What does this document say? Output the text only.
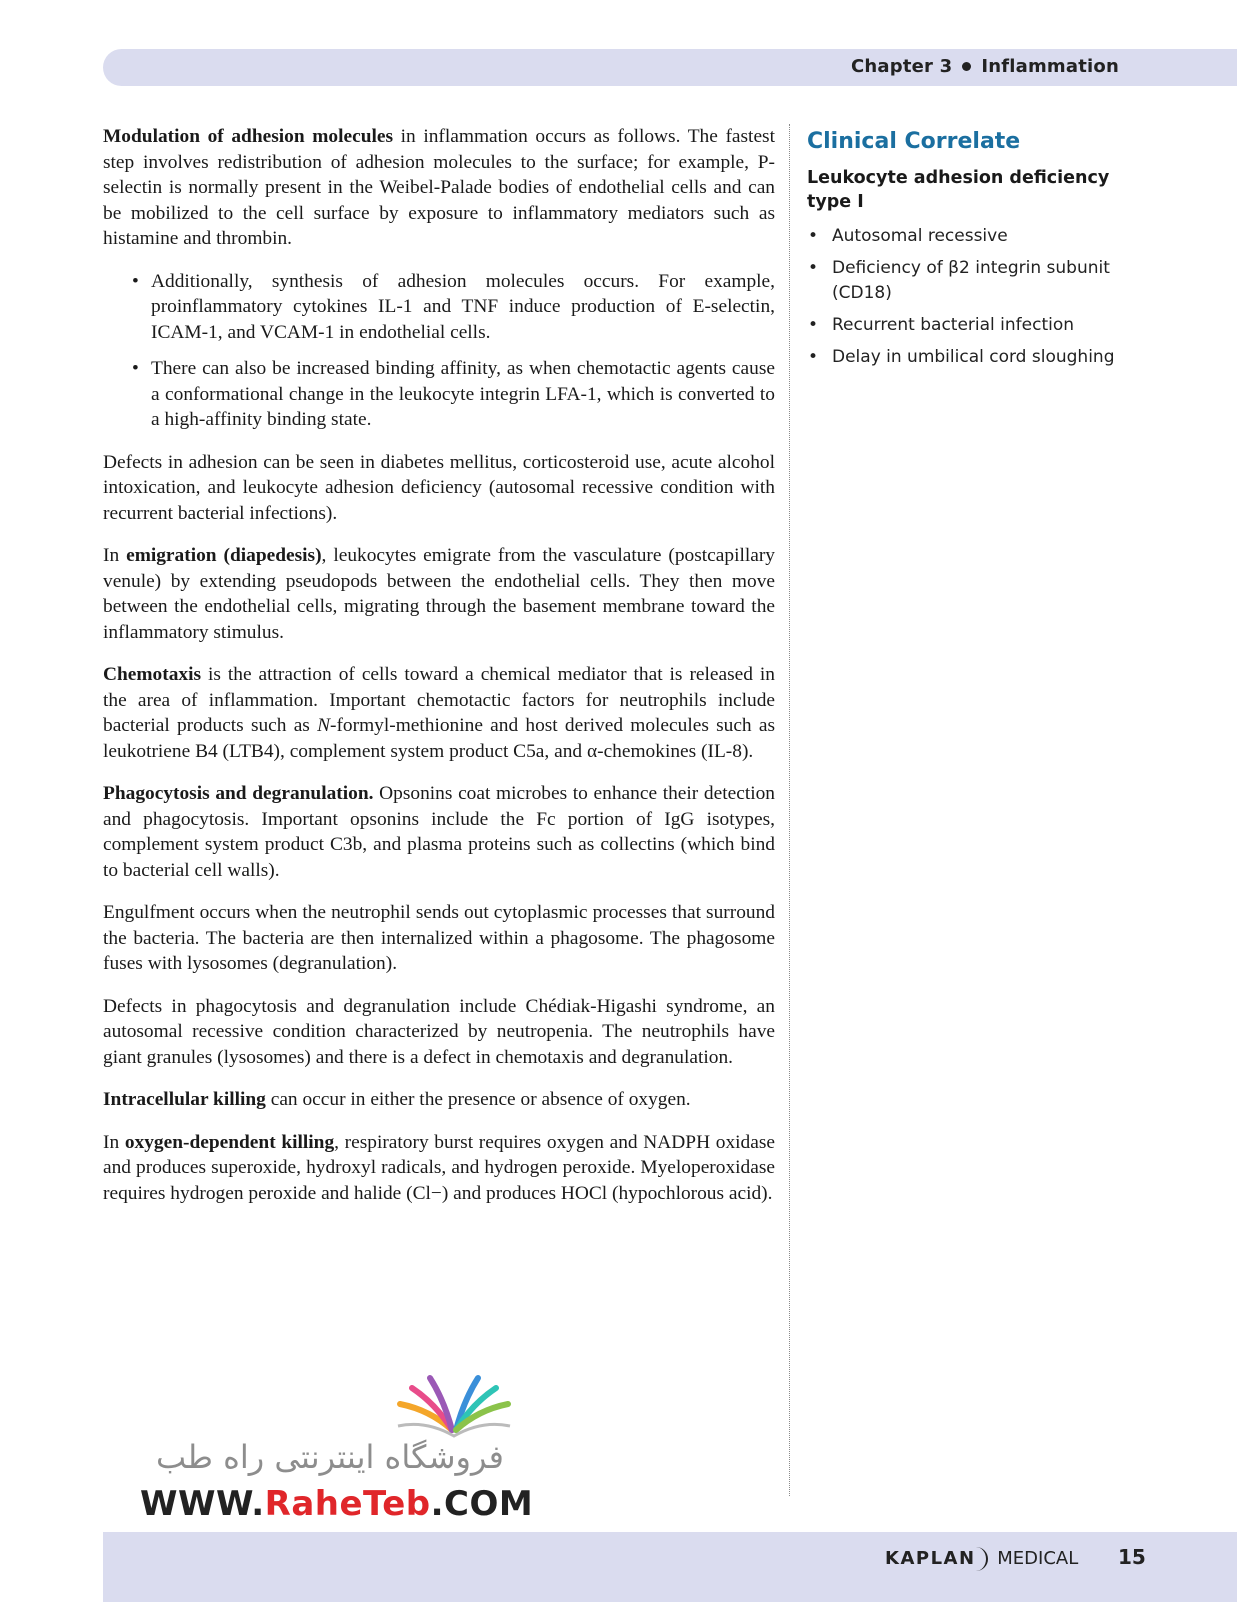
Chapter 3 Inflammation

Modulation of adhesion molecules in inflammation occurs as follows. The fastest step involves redistribution of adhesion molecules to the surface; for example, P-selectin is normally present in the Weibel-Palade bodies of endothelial cells and can be mobilized to the cell surface by exposure to inflammatory mediators such as histamine and thrombin.

• Additionally, synthesis of adhesion molecules occurs. For example, proinflammatory cytokines IL-1 and TNF induce production of E-selectin, ICAM-1, and VCAM-1 in endothelial cells.
• There can also be increased binding affinity, as when chemotactic agents cause a conformational change in the leukocyte integrin LFA-1, which is converted to a high-affinity binding state.

Defects in adhesion can be seen in diabetes mellitus, corticosteroid use, acute alcohol intoxication, and leukocyte adhesion deficiency (autosomal recessive condition with recurrent bacterial infections).

In emigration (diapedesis), leukocytes emigrate from the vasculature (postcapillary venule) by extending pseudopods between the endothelial cells. They then move between the endothelial cells, migrating through the basement membrane toward the inflammatory stimulus.

Chemotaxis is the attraction of cells toward a chemical mediator that is released in the area of inflammation. Important chemotactic factors for neutrophils include bacterial products such as N-formyl-methionine and host derived molecules such as leukotriene B4 (LTB4), complement system product C5a, and α-chemokines (IL-8).

Phagocytosis and degranulation. Opsonins coat microbes to enhance their detection and phagocytosis. Important opsonins include the Fc portion of IgG isotypes, complement system product C3b, and plasma proteins such as collectins (which bind to bacterial cell walls).

Engulfment occurs when the neutrophil sends out cytoplasmic processes that surround the bacteria. The bacteria are then internalized within a phagosome. The phagosome fuses with lysosomes (degranulation).

Defects in phagocytosis and degranulation include Chédiak-Higashi syndrome, an autosomal recessive condition characterized by neutropenia. The neutrophils have giant granules (lysosomes) and there is a defect in chemotaxis and degranulation.

Intracellular killing can occur in either the presence or absence of oxygen.

In oxygen-dependent killing, respiratory burst requires oxygen and NADPH oxidase and produces superoxide, hydroxyl radicals, and hydrogen peroxide. Myeloperoxidase requires hydrogen peroxide and halide (Cl−) and produces HOCl (hypochlorous acid).

Clinical Correlate
Leukocyte adhesion deficiency type I
• Autosomal recessive
• Deficiency of β2 integrin subunit (CD18)
• Recurrent bacterial infection
• Delay in umbilical cord sloughing
فروشگاه اینترنتی راه طب
WWW.RaheTeb.COM
KAPLAN MEDICAL 15
